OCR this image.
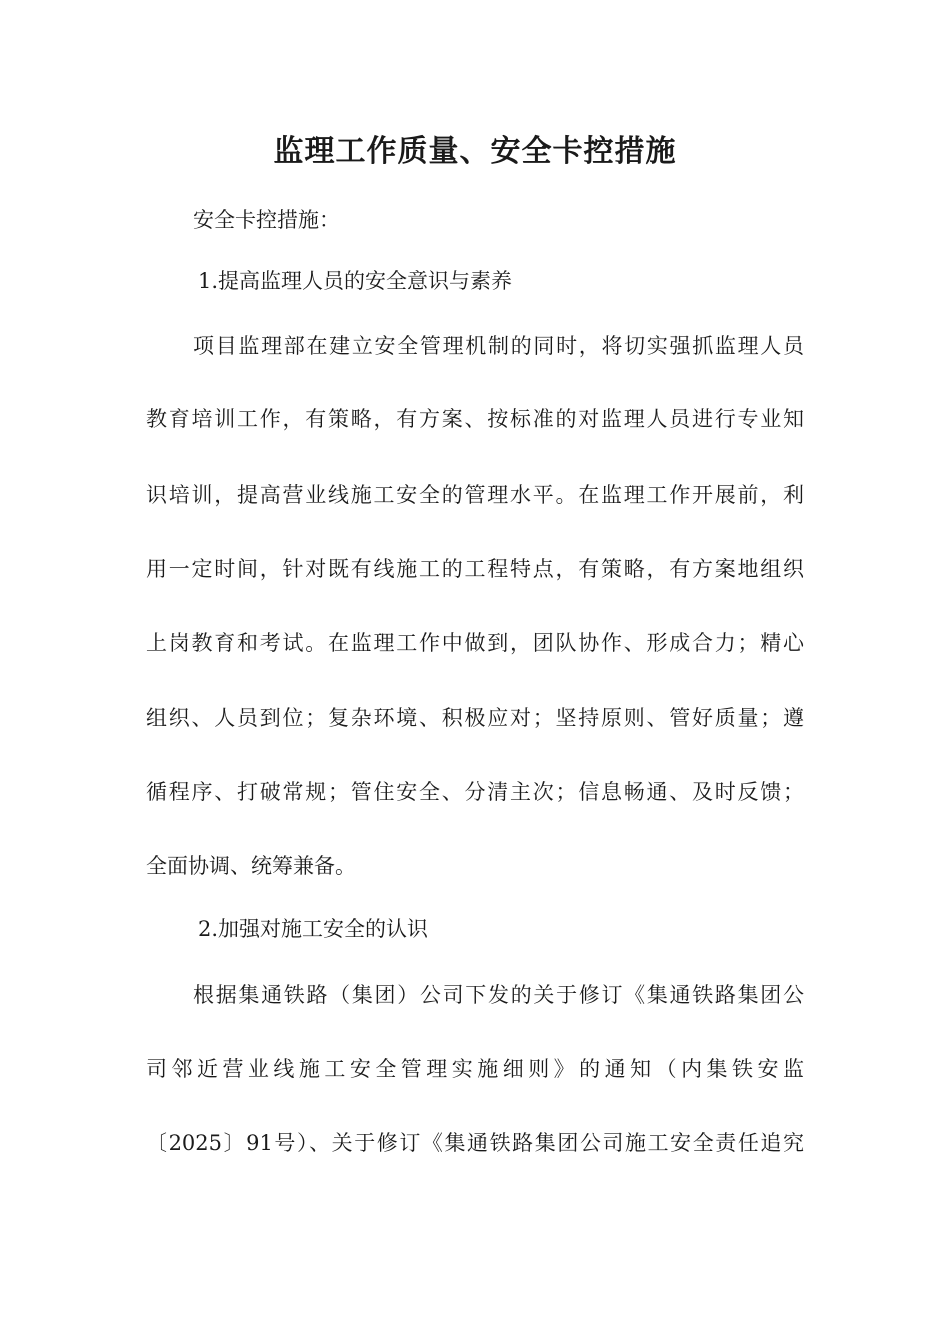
监理工作质量、安全卡控措施
安全卡控措施：
1.提高监理人员的安全意识与素养
项目监理部在建立安全管理机制的同时，将切实强抓监理人员
教育培训工作，有策略，有方案、按标准的对监理人员进行专业知
识培训，提高营业线施工安全的管理水平。在监理工作开展前，利
用一定时间，针对既有线施工的工程特点，有策略，有方案地组织
上岗教育和考试。在监理工作中做到，团队协作、形成合力；精心
组织、人员到位；复杂环境、积极应对；坚持原则、管好质量；遵
循程序、打破常规；管住安全、分清主次；信息畅通、及时反馈；
全面协调、统筹兼备。
2.加强对施工安全的认识
根据集通铁路（集团）公司下发的关于修订《集通铁路集团公
司邻近营业线施工安全管理实施细则》的通知（内集铁安监
〔2025〕91号）、关于修订《集通铁路集团公司施工安全责任追究
